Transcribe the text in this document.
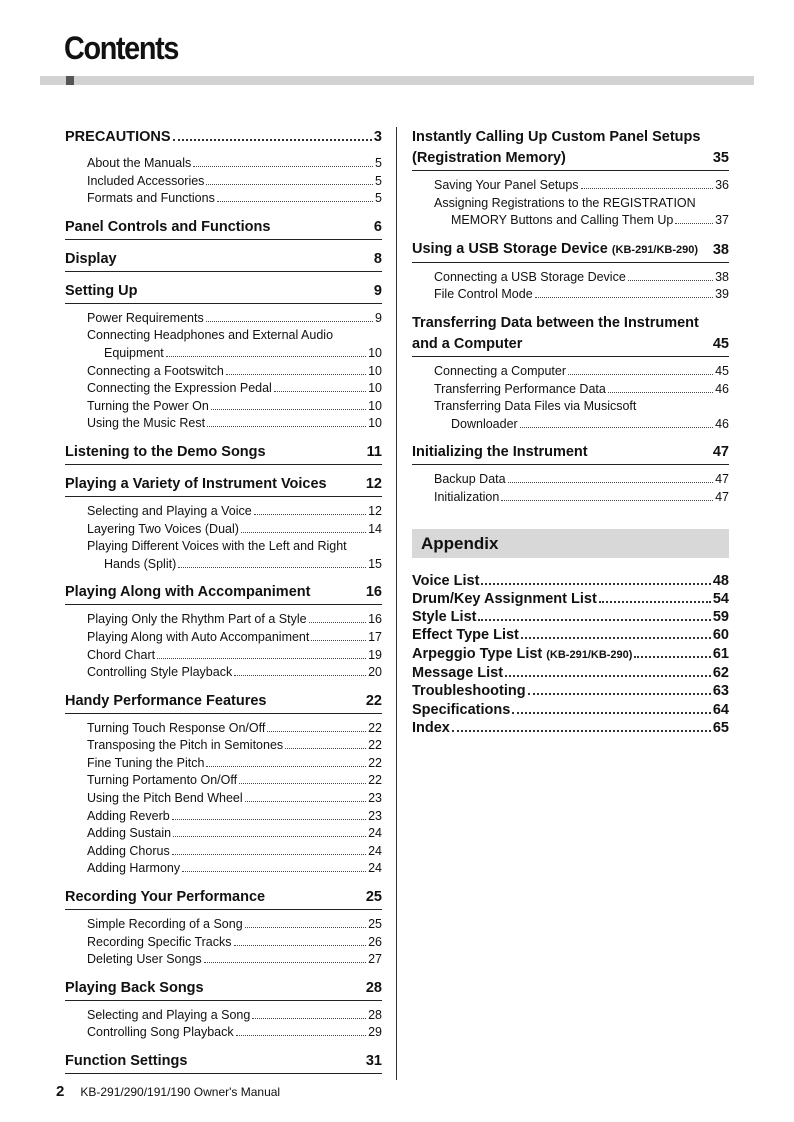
Contents
PRECAUTIONS	3
About the Manuals	5
Included Accessories	5
Formats and Functions	5
Panel Controls and Functions	6
Display	8
Setting Up	9
Power Requirements	9
Connecting Headphones and External Audio
Equipment	10
Connecting a Footswitch	10
Connecting the Expression Pedal	10
Turning the Power On	10
Using the Music Rest	10
Listening to the Demo Songs	11
Playing a Variety of Instrument Voices	12
Selecting and Playing a Voice	12
Layering Two Voices (Dual)	14
Playing Different Voices with the Left and Right
Hands (Split)	15
Playing Along with Accompaniment	16
Playing Only the Rhythm Part of a Style	16
Playing Along with Auto Accompaniment	17
Chord Chart	19
Controlling Style Playback	20
Handy Performance Features	22
Turning Touch Response On/Off	22
Transposing the Pitch in Semitones	22
Fine Tuning the Pitch	22
Turning Portamento On/Off	22
Using the Pitch Bend Wheel	23
Adding Reverb	23
Adding Sustain	24
Adding Chorus	24
Adding Harmony	24
Recording Your Performance	25
Simple Recording of a Song	25
Recording Specific Tracks	26
Deleting User Songs	27
Playing Back Songs	28
Selecting and Playing a Song	28
Controlling Song Playback	29
Function Settings	31
Instantly Calling Up Custom Panel Setups
(Registration Memory)	35
Saving Your Panel Setups	36
Assigning Registrations to the REGISTRATION
MEMORY Buttons and Calling Them Up	37
Using a USB Storage Device (KB-291/KB-290)	38
Connecting a USB Storage Device	38
File Control Mode	39
Transferring Data between the Instrument
and a Computer	45
Connecting a Computer	45
Transferring Performance Data	46
Transferring Data Files via Musicsoft
Downloader	46
Initializing the Instrument	47
Backup Data	47
Initialization	47
Appendix
Voice List	48
Drum/Key Assignment List	54
Style List	59
Effect Type List	60
Arpeggio Type List (KB-291/KB-290)	61
Message List	62
Troubleshooting	63
Specifications	64
Index	65
2 KB-291/290/191/190 Owner's Manual
